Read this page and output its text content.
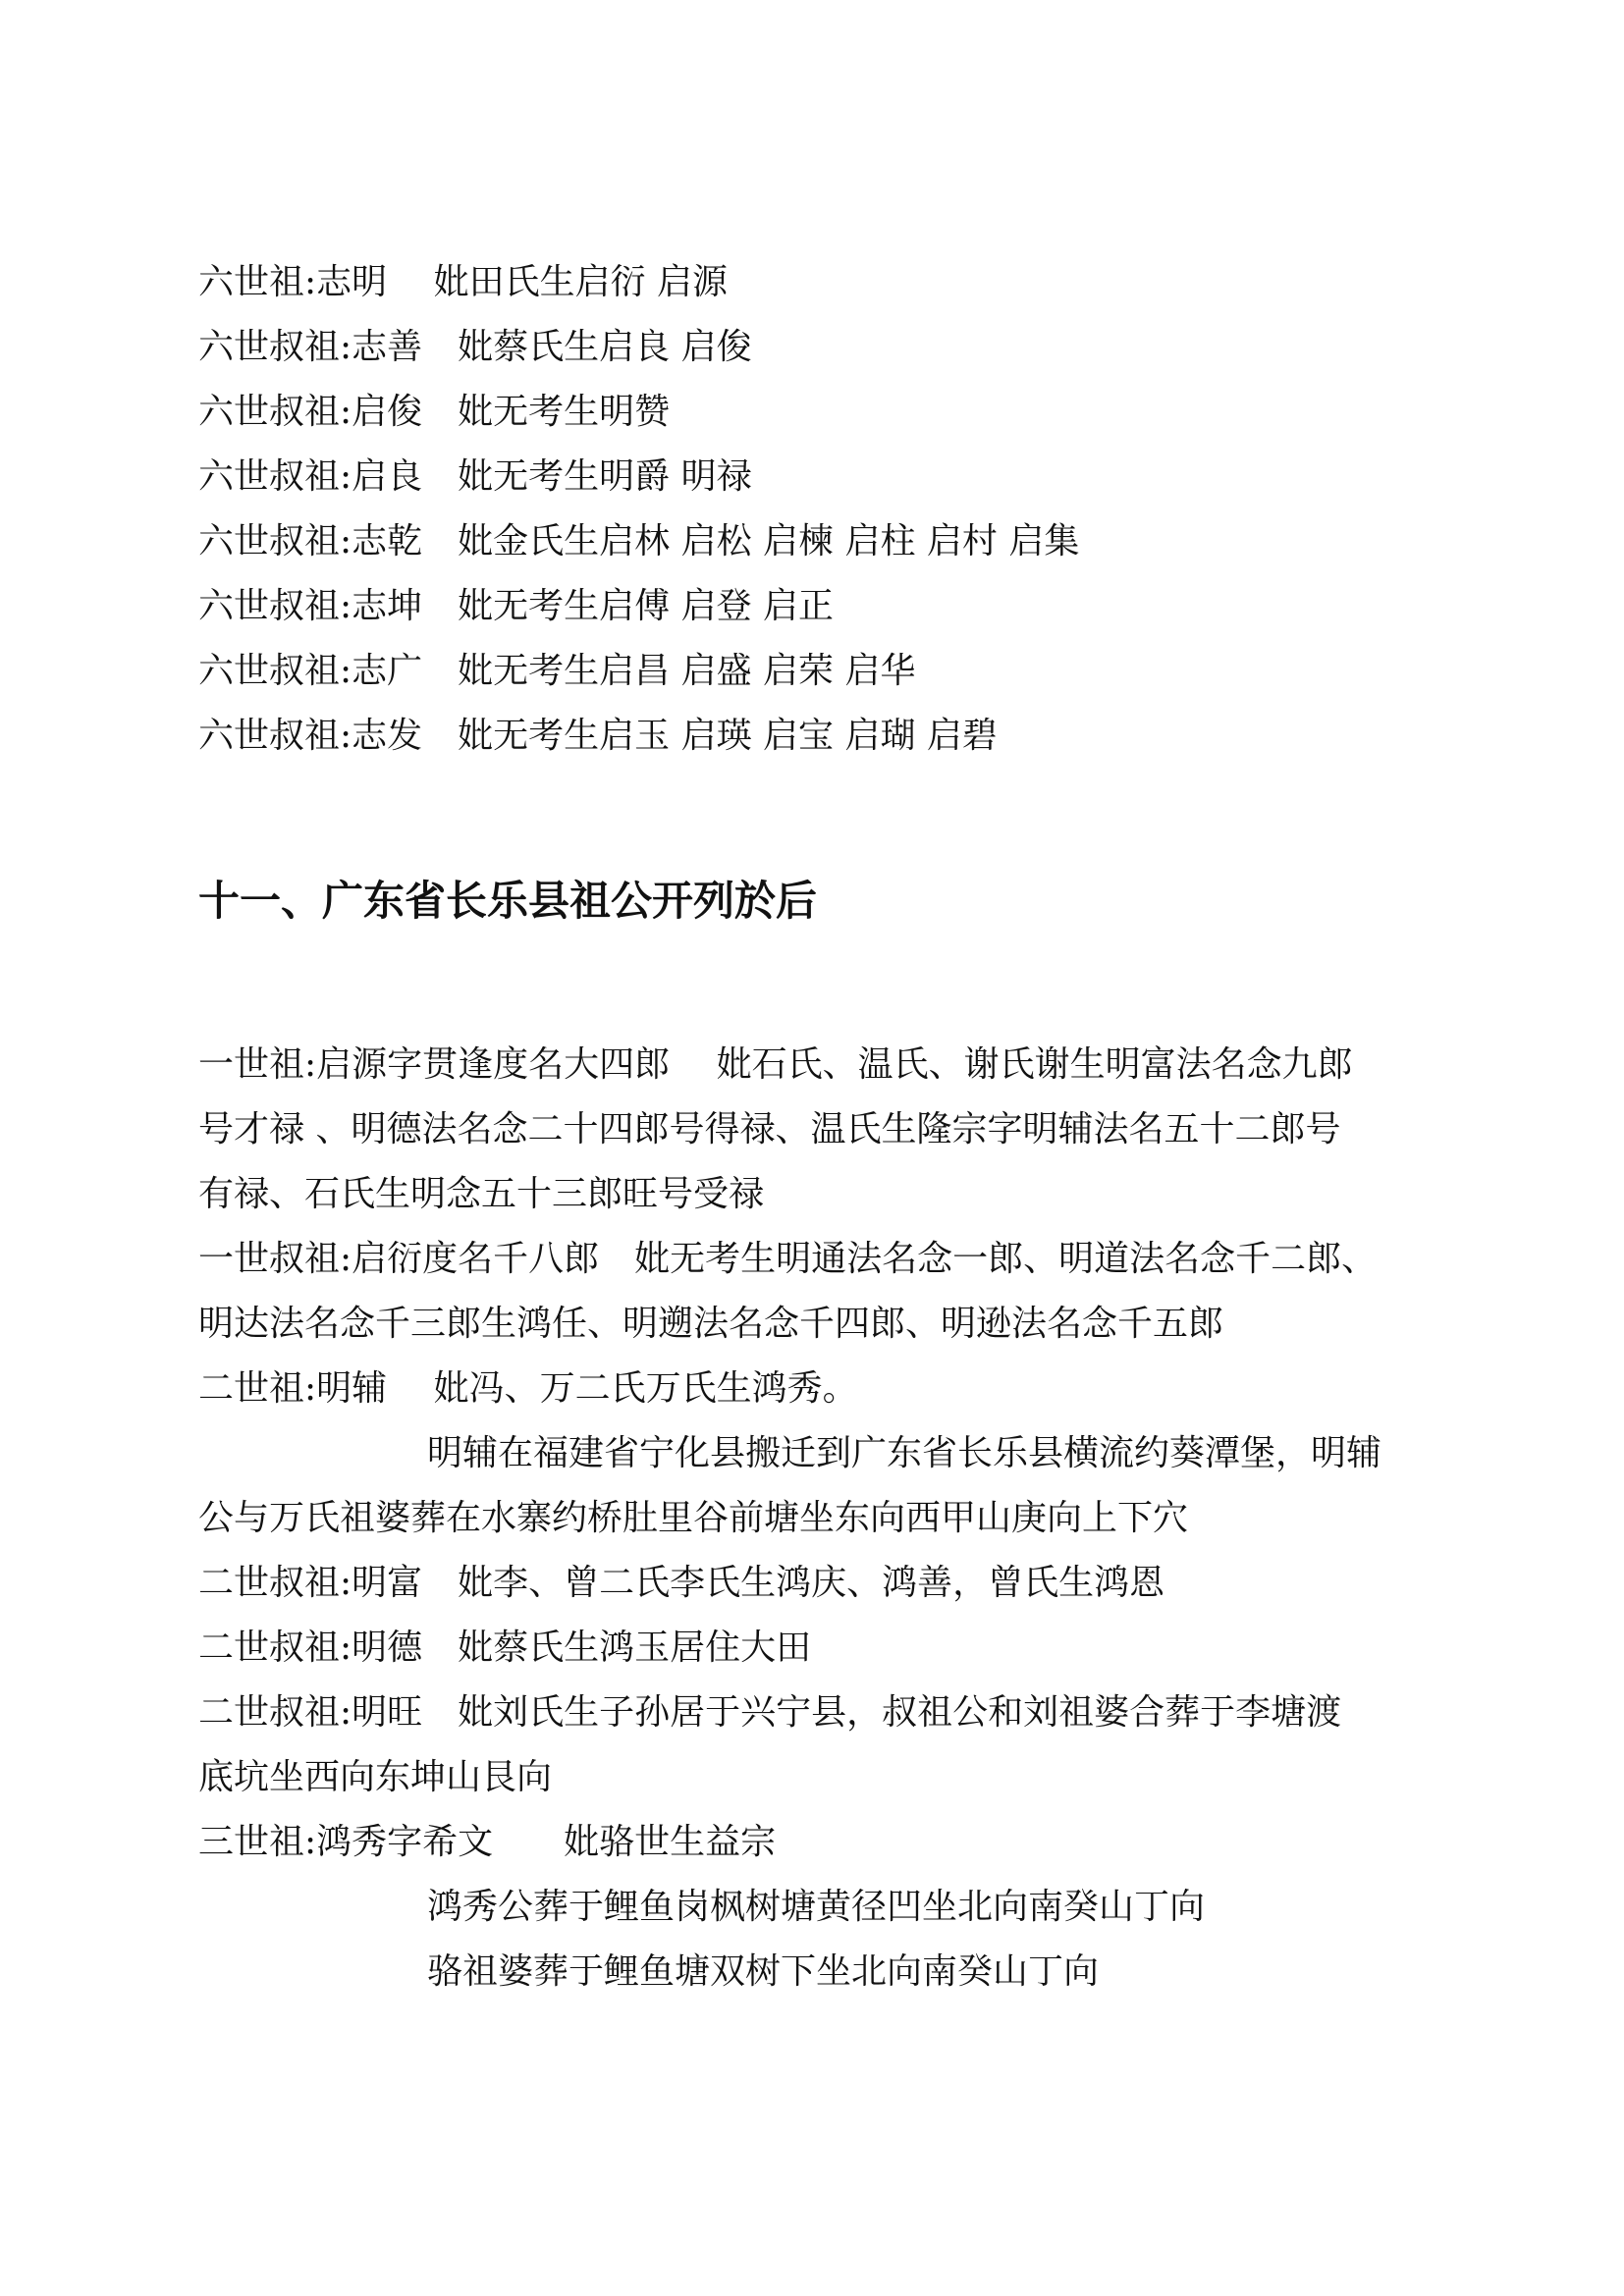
六世祖:志明　 妣田氏生启衍 启源
六世叔祖:志善　妣蔡氏生启良 启俊
六世叔祖:启俊　妣无考生明赞
六世叔祖:启良　妣无考生明爵 明禄
六世叔祖:志乾　妣金氏生启林 启松 启楝 启柱 启村 启集
六世叔祖:志坤　妣无考生启傅 启登 启正
六世叔祖:志广　妣无考生启昌 启盛 启荣 启华
六世叔祖:志发　妣无考生启玉 启瑛 启宝 启瑚 启碧
十一、广东省长乐县祖公开列於后
一世祖:启源字贯逢度名大四郎　 妣石氏、温氏、谢氏谢生明富法名念九郎
号才禄 、明德法名念二十四郎号得禄、温氏生隆宗字明辅法名五十二郎号
有禄、石氏生明念五十三郎旺号受禄
一世叔祖:启衍度名千八郎　妣无考生明通法名念一郎、明道法名念千二郎、
明达法名念千三郎生鸿任、明遡法名念千四郎、明逊法名念千五郎
二世祖:明辅　 妣冯、万二氏万氏生鸿秀。
明辅在福建省宁化县搬迁到广东省长乐县横流约葵潭堡，明辅
公与万氏祖婆葬在水寨约桥肚里谷前塘坐东向西甲山庚向上下穴
二世叔祖:明富　妣李、曾二氏李氏生鸿庆、鸿善，曾氏生鸿恩
二世叔祖:明德　妣蔡氏生鸿玉居住大田
二世叔祖:明旺　妣刘氏生子孙居于兴宁县，叔祖公和刘祖婆合葬于李塘渡
底坑坐西向东坤山艮向
三世祖:鸿秀字希文　　妣骆世生益宗
鸿秀公葬于鲤鱼岗枫树塘黄径凹坐北向南癸山丁向
骆祖婆葬于鲤鱼塘双树下坐北向南癸山丁向
